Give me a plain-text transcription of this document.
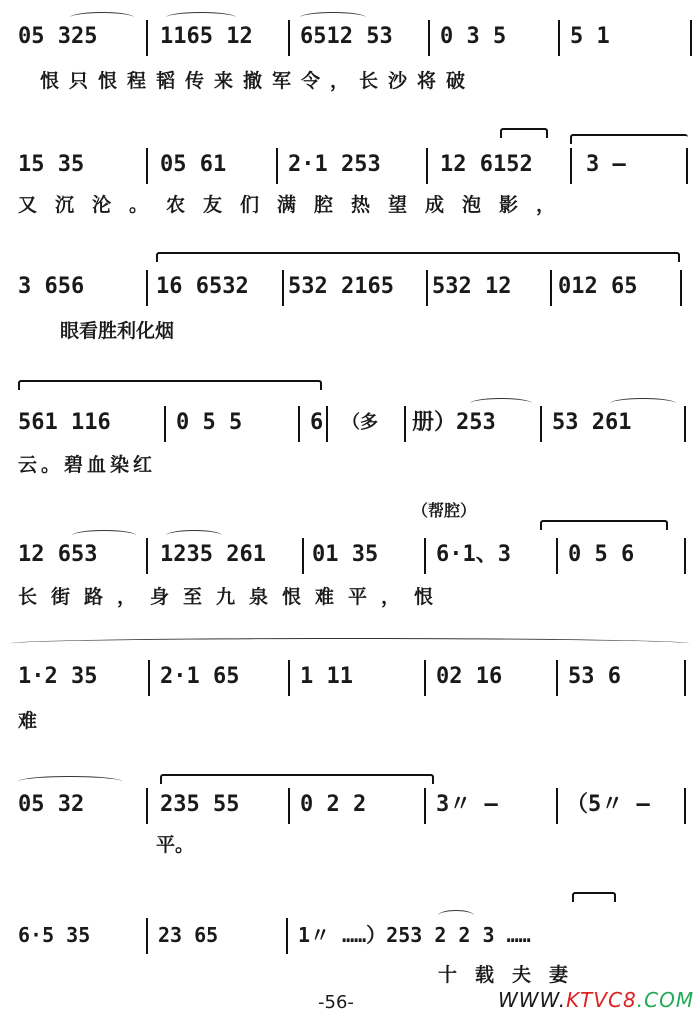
05 325	1165 12 6512 53 0 3 5	5 1
恨只恨程韬传来撤军令，长沙将破
15 35	05 61	2·1 253	12 6152 3 —
又沉沦。农友们满腔热望成泡影，
3 656	16 6532 532 2165 532 12 012 65
眼看胜利化烟
561 116	0 5 5	6 （多 册）253	53 261
云。碧血染红
（帮腔）
12 653	1235 261 01 35	6·1、3	0 5 6
长街路，身至九泉恨难平，恨
1·2 35	2·1 65	1 11	02 16	53 6
难
05 32	235 55	0 2 2	3〃 —	（5〃 —
平。
6·5 35	23 65	1〃 ……）253 2 2 3 ……
十载夫妻
-56-	WWW.KTVC8.COM
